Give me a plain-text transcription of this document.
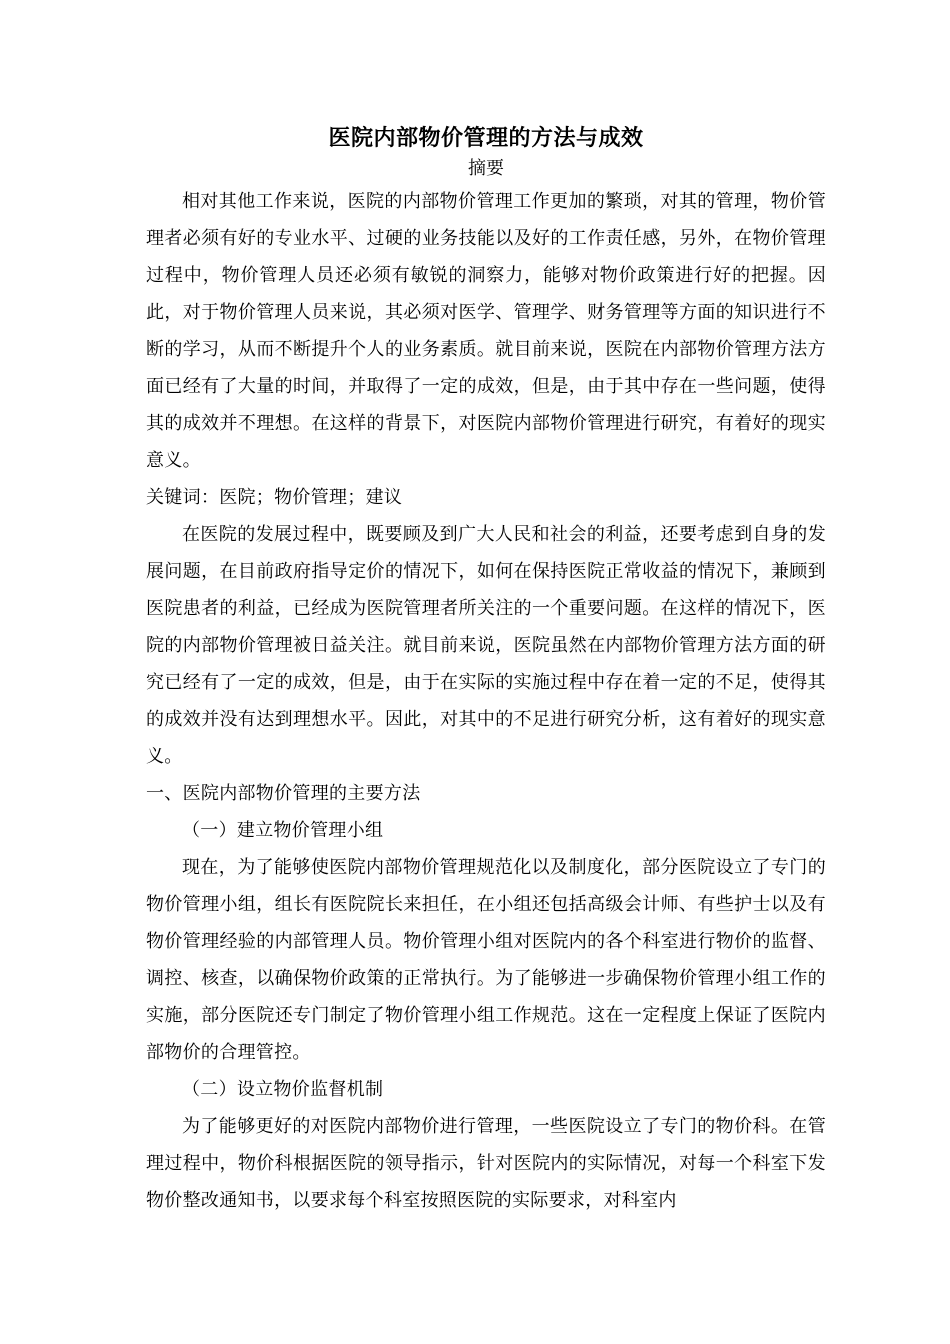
医院内部物价管理的方法与成效
摘要

相对其他工作来说，医院的内部物价管理工作更加的繁琐，对其的管理，物价管理者必须有好的专业水平、过硬的业务技能以及好的工作责任感，另外，在物价管理过程中，物价管理人员还必须有敏锐的洞察力，能够对物价政策进行好的把握。因此，对于物价管理人员来说，其必须对医学、管理学、财务管理等方面的知识进行不断的学习，从而不断提升个人的业务素质。就目前来说，医院在内部物价管理方法方面已经有了大量的时间，并取得了一定的成效，但是，由于其中存在一些问题，使得其的成效并不理想。在这样的背景下，对医院内部物价管理进行研究，有着好的现实意义。

关键词：医院；物价管理；建议

在医院的发展过程中，既要顾及到广大人民和社会的利益，还要考虑到自身的发展问题，在目前政府指导定价的情况下，如何在保持医院正常收益的情况下，兼顾到医院患者的利益，已经成为医院管理者所关注的一个重要问题。在这样的情况下，医院的内部物价管理被日益关注。就目前来说，医院虽然在内部物价管理方法方面的研究已经有了一定的成效，但是，由于在实际的实施过程中存在着一定的不足，使得其的成效并没有达到理想水平。因此，对其中的不足进行研究分析，这有着好的现实意义。

一、医院内部物价管理的主要方法

（一）建立物价管理小组

现在，为了能够使医院内部物价管理规范化以及制度化，部分医院设立了专门的物价管理小组，组长有医院院长来担任，在小组还包括高级会计师、有些护士以及有物价管理经验的内部管理人员。物价管理小组对医院内的各个科室进行物价的监督、调控、核查，以确保物价政策的正常执行。为了能够进一步确保物价管理小组工作的实施，部分医院还专门制定了物价管理小组工作规范。这在一定程度上保证了医院内部物价的合理管控。

（二）设立物价监督机制

为了能够更好的对医院内部物价进行管理，一些医院设立了专门的物价科。在管理过程中，物价科根据医院的领导指示，针对医院内的实际情况，对每一个科室下发物价整改通知书，以要求每个科室按照医院的实际要求，对科室内
